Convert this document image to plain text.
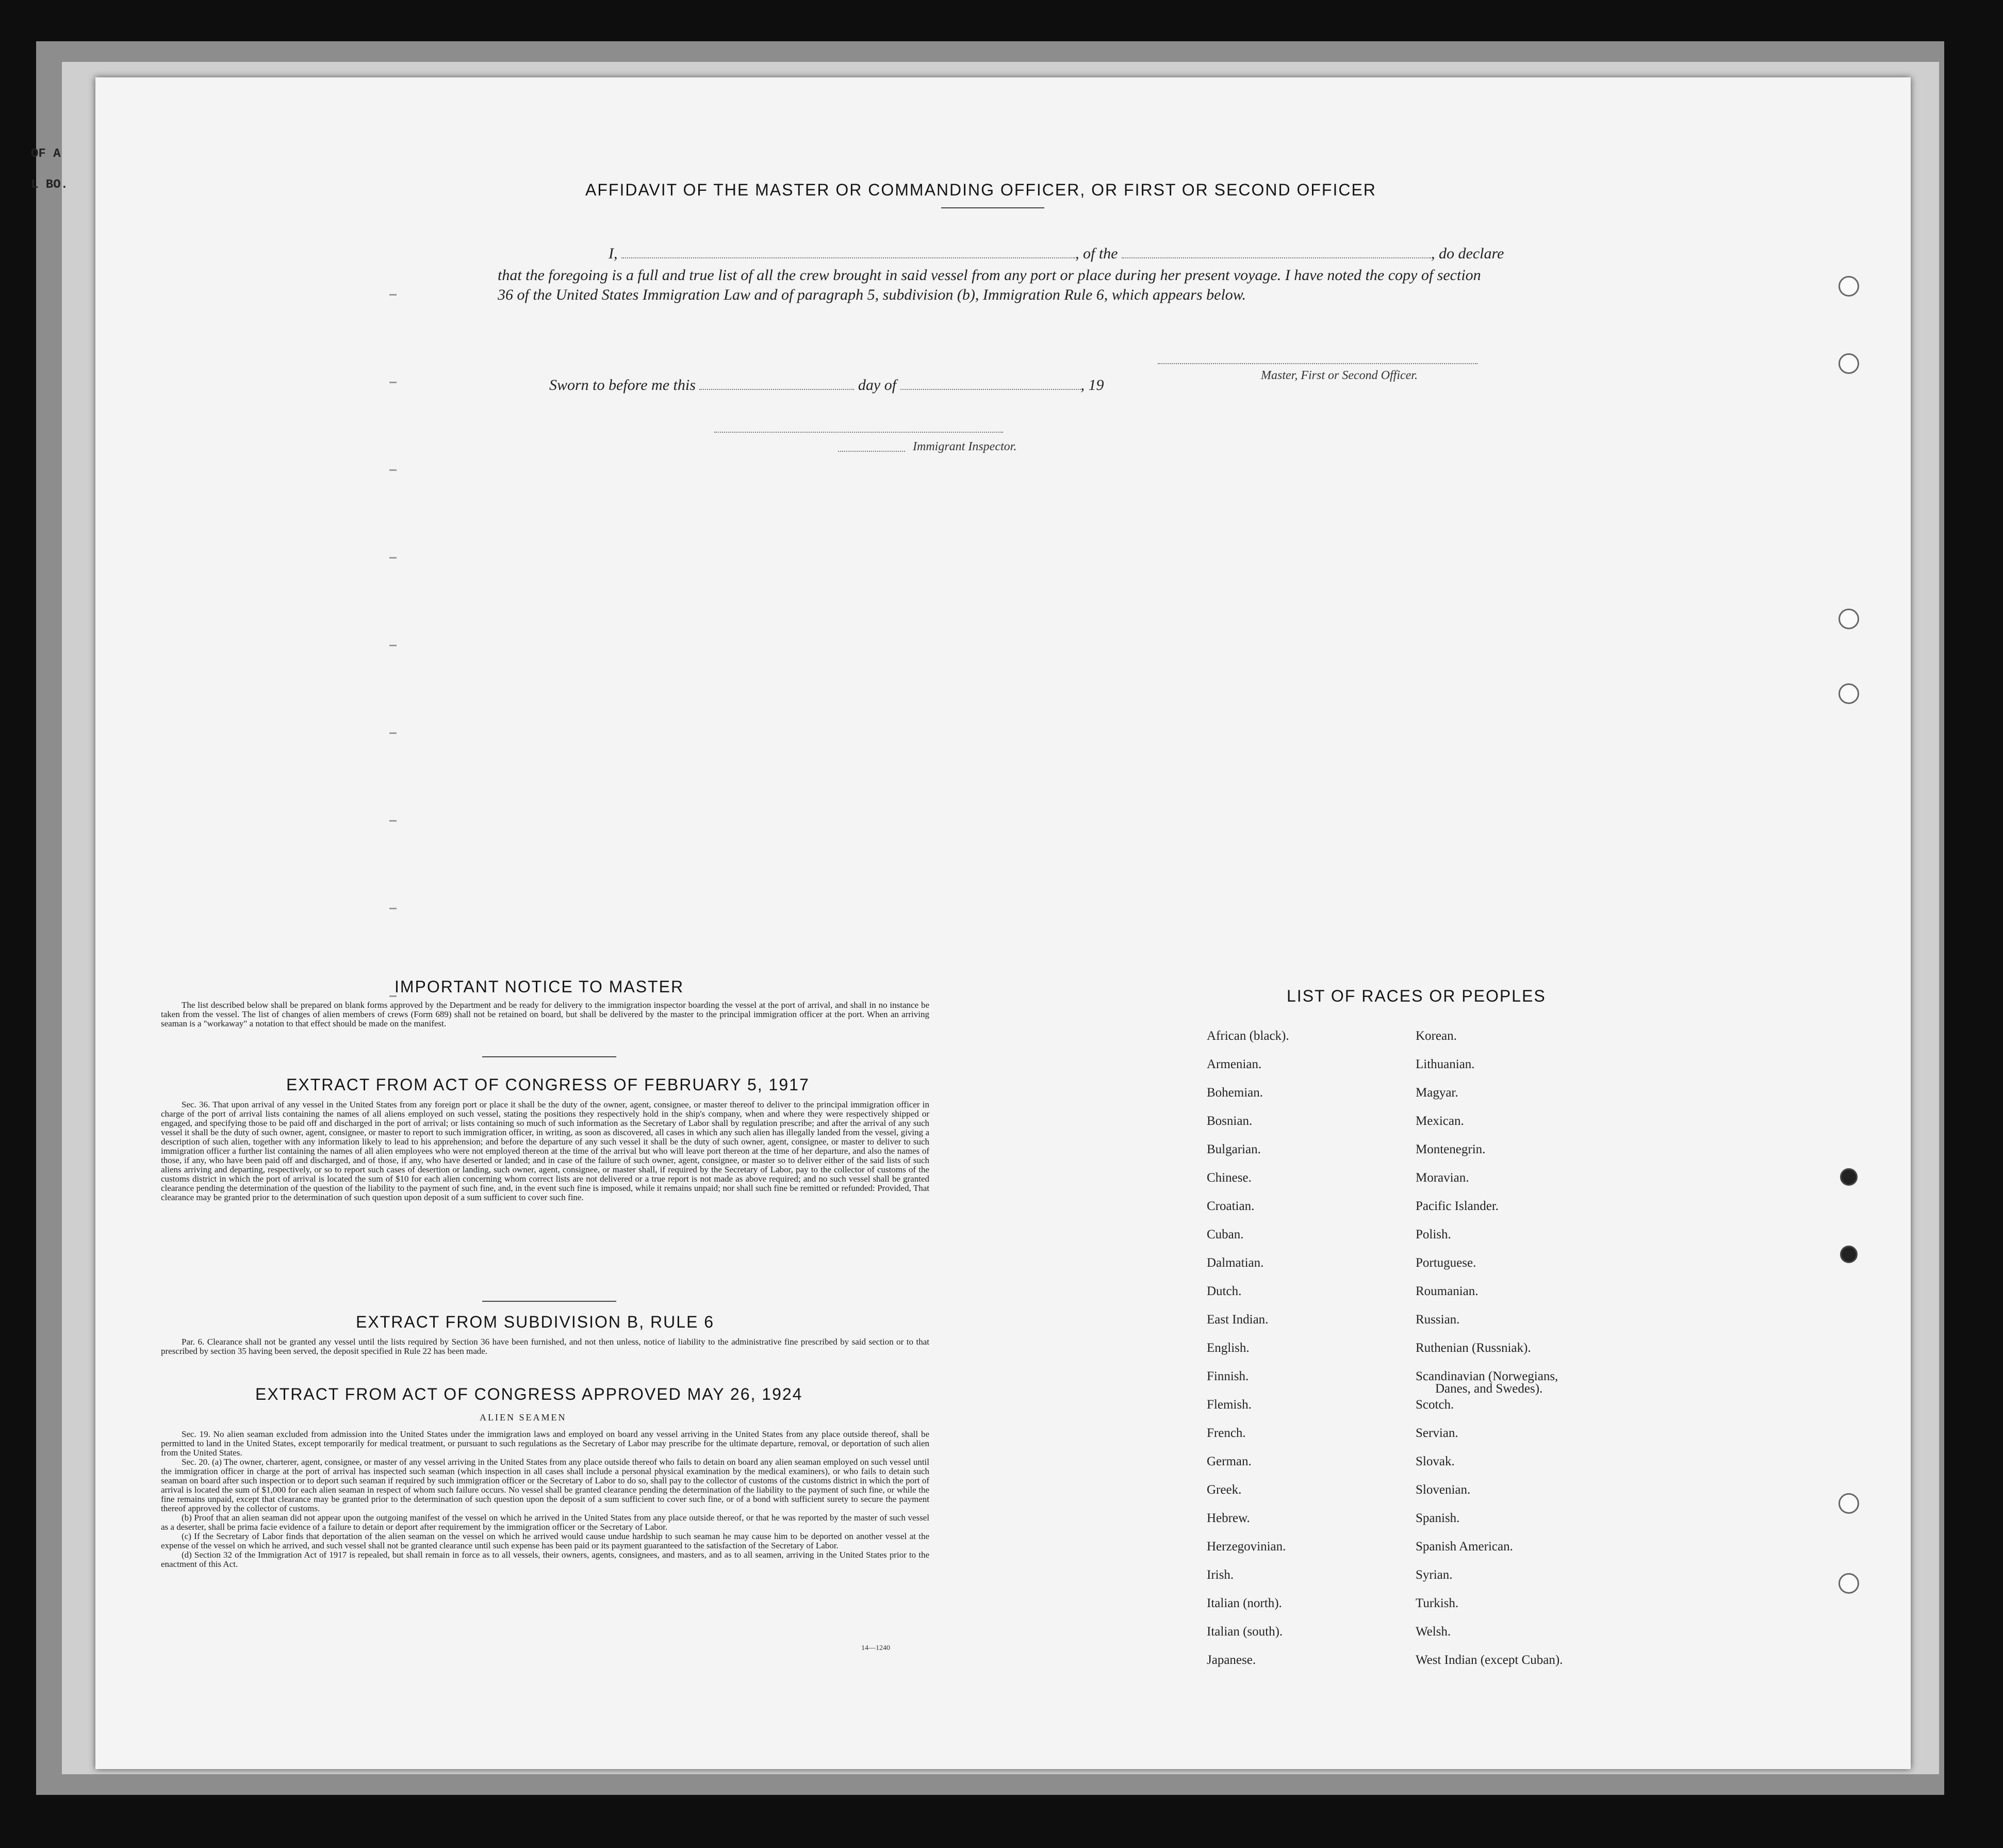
OF A
L BO.	AFFIDAVIT OF THE MASTER OR COMMANDING OFFICER, OR FIRST OR SECOND OFFICER
I,	, of the	, do declare
that the foregoing is a full and true list of all the crew brought in said vessel from any port or place during her present voyage. I have noted the copy of section 36 of the United States Immigration Law and of paragraph 5, subdivision (b), Immigration Rule 6, which appears below.
Master, First or Second Officer.
Sworn to before me this	day of	, 19
Immigrant Inspector.
IMPORTANT NOTICE TO MASTER

The list described below shall be prepared on blank forms approved by the Department and be ready for delivery to the immigration inspector boarding the vessel at the port of arrival, and shall in no instance be taken from the vessel. The list of changes of alien members of crews (Form 689) shall not be retained on board, but shall be delivered by the master to the principal immigration officer at the port. When an arriving seaman is a "workaway" a notation to that effect should be made on the manifest.

EXTRACT FROM ACT OF CONGRESS OF FEBRUARY 5, 1917

Sec. 36. That upon arrival of any vessel in the United States from any foreign port or place it shall be the duty of the owner, agent, consignee, or master thereof to deliver to the principal immigration officer in charge of the port of arrival lists containing the names of all aliens employed on such vessel, stating the positions they respectively hold in the ship's company, when and where they were respectively shipped or engaged, and specifying those to be paid off and discharged in the port of arrival; or lists containing so much of such information as the Secretary of Labor shall by regulation prescribe; and after the arrival of any such vessel it shall be the duty of such owner, agent, consignee, or master to report to such immigration officer, in writing, as soon as discovered, all cases in which any such alien has illegally landed from the vessel, giving a description of such alien, together with any information likely to lead to his apprehension; and before the departure of any such vessel it shall be the duty of such owner, agent, consignee, or master to deliver to such immigration officer a further list containing the names of all alien employees who were not employed thereon at the time of the arrival but who will leave port thereon at the time of her departure, and also the names of those, if any, who have been paid off and discharged, and of those, if any, who have deserted or landed; and in case of the failure of such owner, agent, consignee, or master so to deliver either of the said lists of such aliens arriving and departing, respectively, or so to report such cases of desertion or landing, such owner, agent, consignee, or master shall, if required by the Secretary of Labor, pay to the collector of customs of the customs district in which the port of arrival is located the sum of $10 for each alien concerning whom correct lists are not delivered or a true report is not made as above required; and no such vessel shall be granted clearance pending the determination of the question of the liability to the payment of such fine, and, in the event such fine is imposed, while it remains unpaid; nor shall such fine be remitted or refunded: Provided, That clearance may be granted prior to the determination of such question upon deposit of a sum sufficient to cover such fine.

EXTRACT FROM SUBDIVISION B, RULE 6

Par. 6. Clearance shall not be granted any vessel until the lists required by Section 36 have been furnished, and not then unless, notice of liability to the administrative fine prescribed by said section or to that prescribed by section 35 having been served, the deposit specified in Rule 22 has been made.

EXTRACT FROM ACT OF CONGRESS APPROVED MAY 26, 1924
ALIEN SEAMEN

Sec. 19. No alien seaman excluded from admission into the United States under the immigration laws and employed on board any vessel arriving in the United States from any place outside thereof, shall be permitted to land in the United States, except temporarily for medical treatment, or pursuant to such regulations as the Secretary of Labor may prescribe for the ultimate departure, removal, or deportation of such alien from the United States.

Sec. 20. (a) The owner, charterer, agent, consignee, or master of any vessel arriving in the United States from any place outside thereof who fails to detain on board any alien seaman employed on such vessel until the immigration officer in charge at the port of arrival has inspected such seaman (which inspection in all cases shall include a personal physical examination by the medical examiners), or who fails to detain such seaman on board after such inspection or to deport such seaman if required by such immigration officer or the Secretary of Labor to do so, shall pay to the collector of customs of the customs district in which the port of arrival is located the sum of $1,000 for each alien seaman in respect of whom such failure occurs. No vessel shall be granted clearance pending the determination of the liability to the payment of such fine, or while the fine remains unpaid, except that clearance may be granted prior to the determination of such question upon the deposit of a sum sufficient to cover such fine, or of a bond with sufficient surety to secure the payment thereof approved by the collector of customs.

(b) Proof that an alien seaman did not appear upon the outgoing manifest of the vessel on which he arrived in the United States from any place outside thereof, or that he was reported by the master of such vessel as a deserter, shall be prima facie evidence of a failure to detain or deport after requirement by the immigration officer or the Secretary of Labor.

(c) If the Secretary of Labor finds that deportation of the alien seaman on the vessel on which he arrived would cause undue hardship to such seaman he may cause him to be deported on another vessel at the expense of the vessel on which he arrived, and such vessel shall not be granted clearance until such expense has been paid or its payment guaranteed to the satisfaction of the Secretary of Labor.

(d) Section 32 of the Immigration Act of 1917 is repealed, but shall remain in force as to all vessels, their owners, agents, consignees, and masters, and as to all seamen, arriving in the United States prior to the enactment of this Act.

14—1240
LIST OF RACES OR PEOPLES
African (black).
Armenian.
Bohemian.
Bosnian.
Bulgarian.
Chinese.
Croatian.
Cuban.
Dalmatian.
Dutch.
East Indian.
English.
Finnish.
Flemish.
French.
German.
Greek.
Hebrew.
Herzegovinian.
Irish.
Italian (north).
Italian (south).
Japanese.
Korean.
Lithuanian.
Magyar.
Mexican.
Montenegrin.
Moravian.
Pacific Islander.
Polish.
Portuguese.
Roumanian.
Russian.
Ruthenian (Russniak).
Scandinavian (Norwegians,
Danes, and Swedes).
Scotch.
Servian.
Slovak.
Slovenian.
Spanish.
Spanish American.
Syrian.
Turkish.
Welsh.
West Indian (except Cuban).
